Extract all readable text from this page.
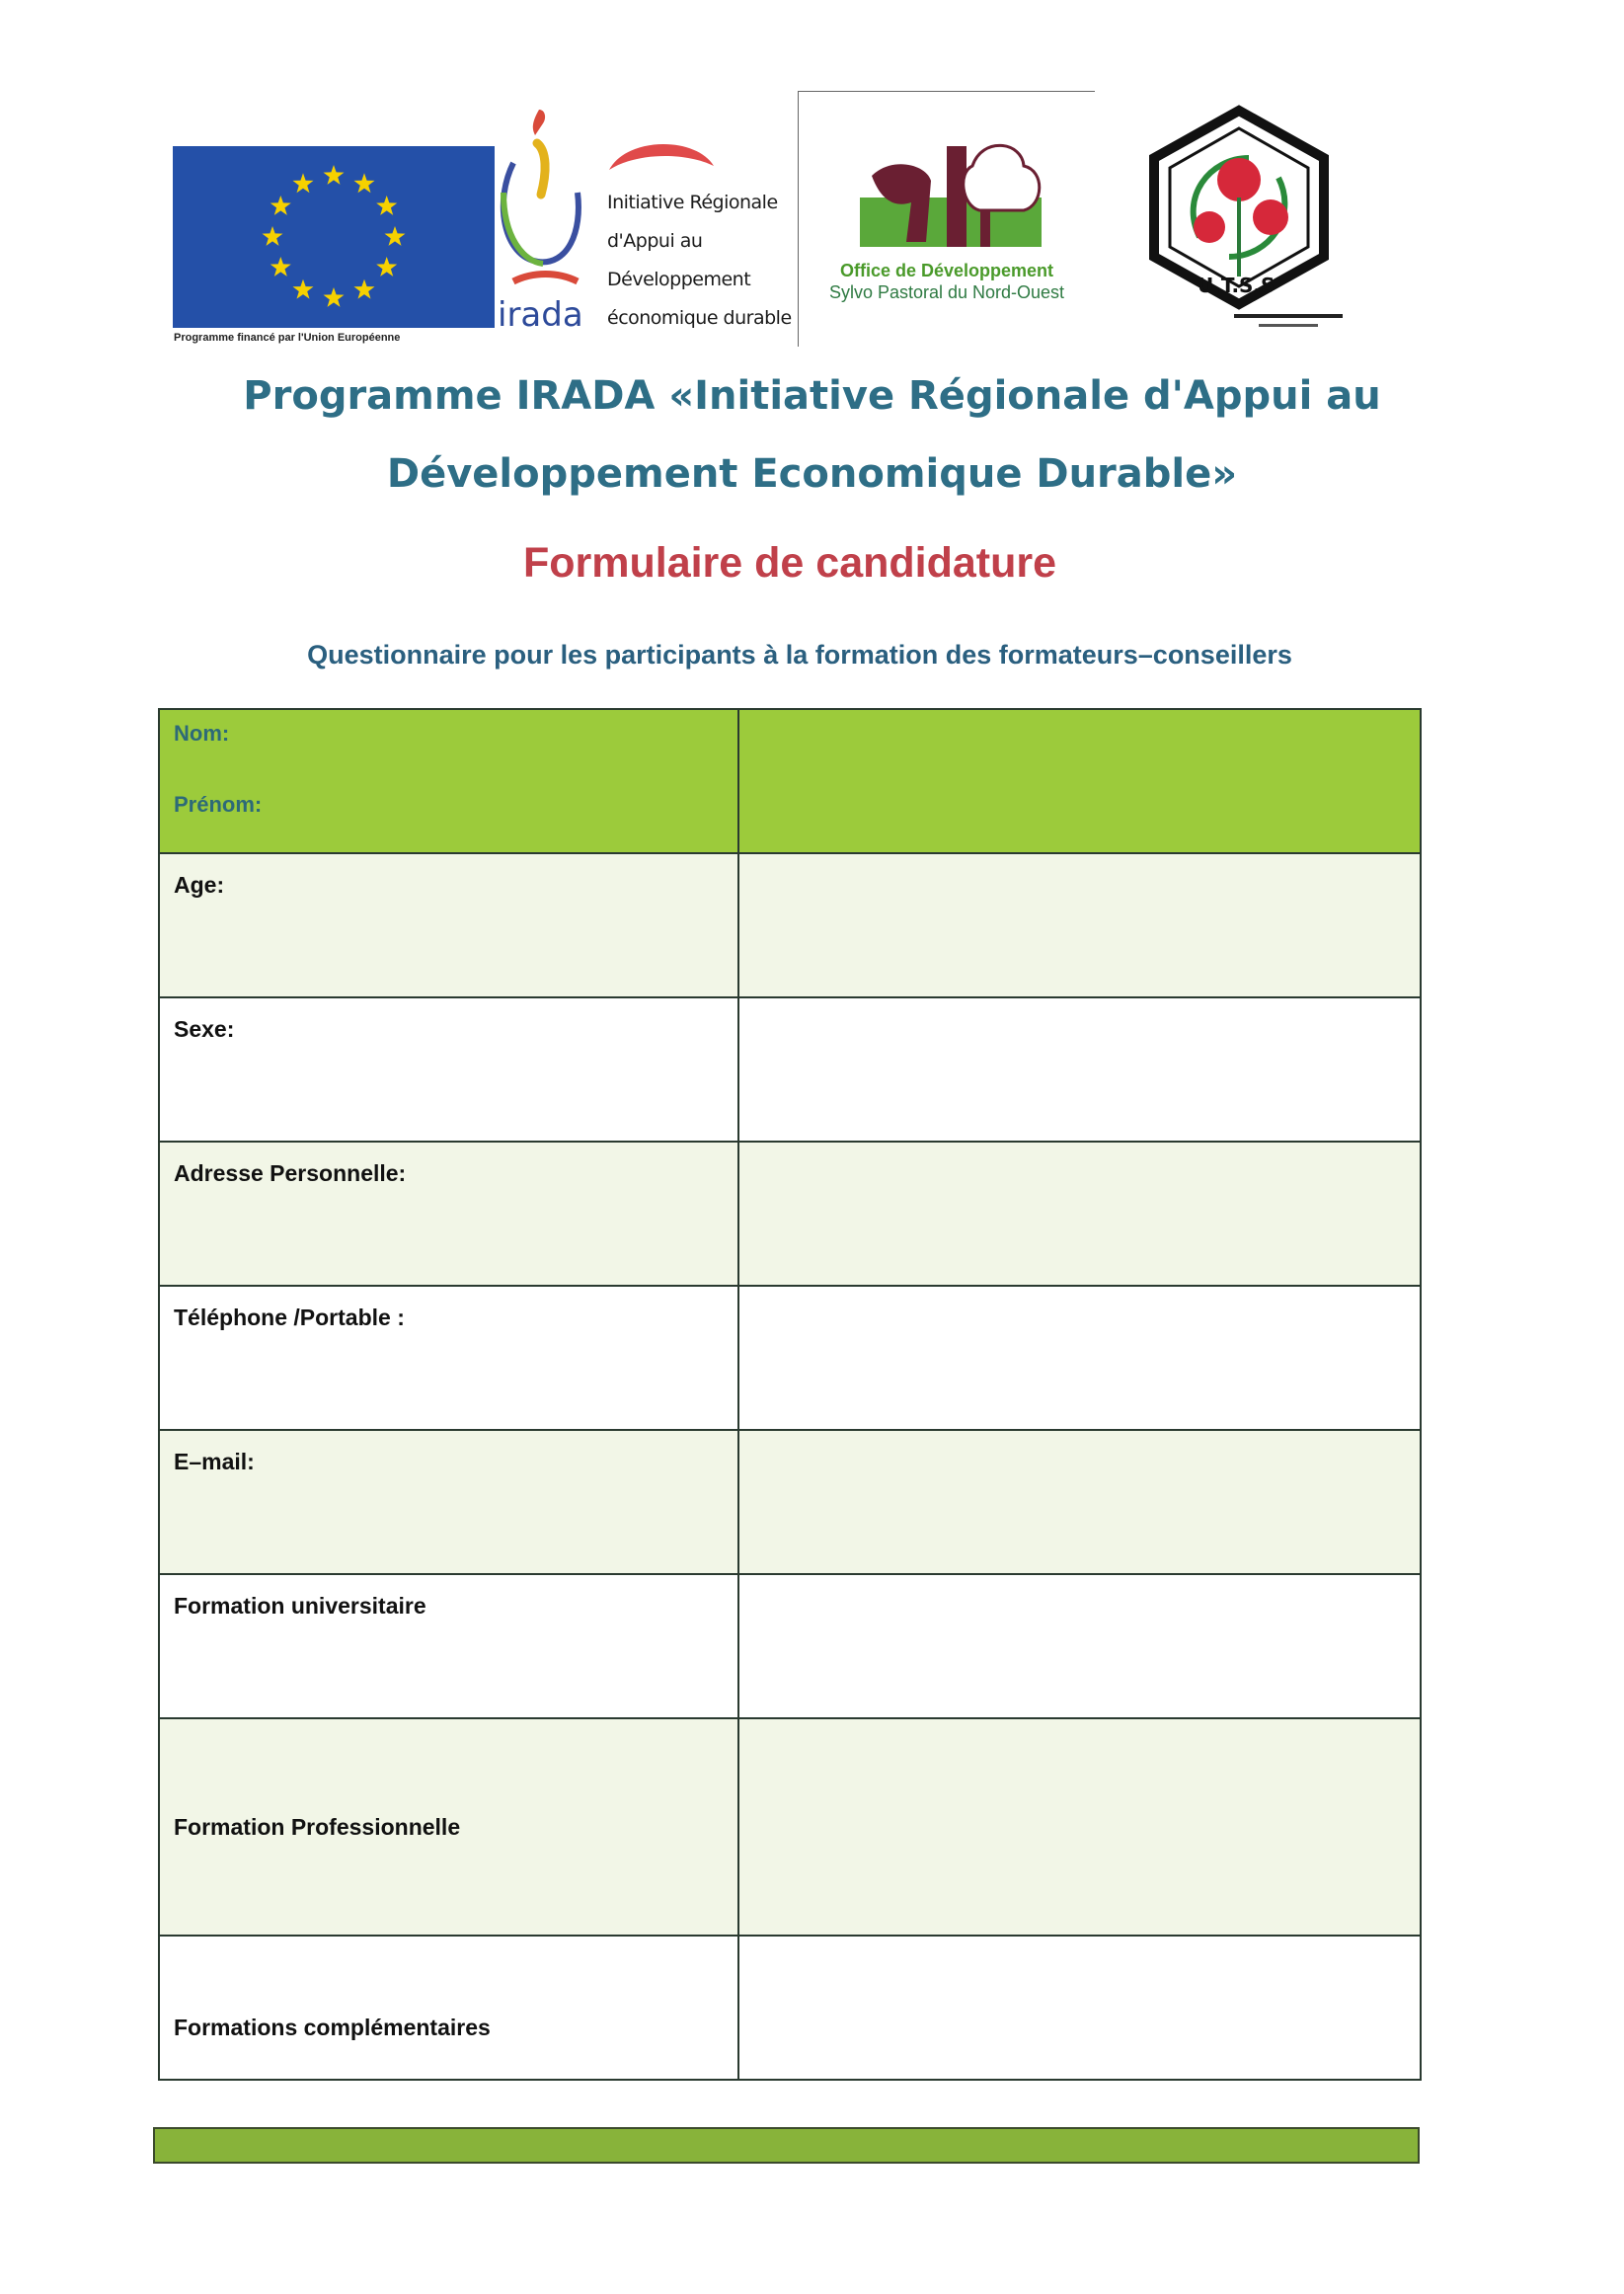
Programme financé par l'Union Européenne
irada
Initiative Régionale
d'Appui au
Développement
économique durable
Office de Développement
Sylvo Pastoral du Nord-Ouest	U.T.S.S
Programme IRADA «Initiative Régionale d'Appui au
Développement Economique Durable»
Formulaire de candidature
Questionnaire pour les participants à la formation des formateurs–conseillers
Nom:
Prénom:
Age:
Sexe:
Adresse Personnelle:
Téléphone /Portable :
E–mail:
Formation universitaire
Formation Professionnelle
Formations complémentaires
